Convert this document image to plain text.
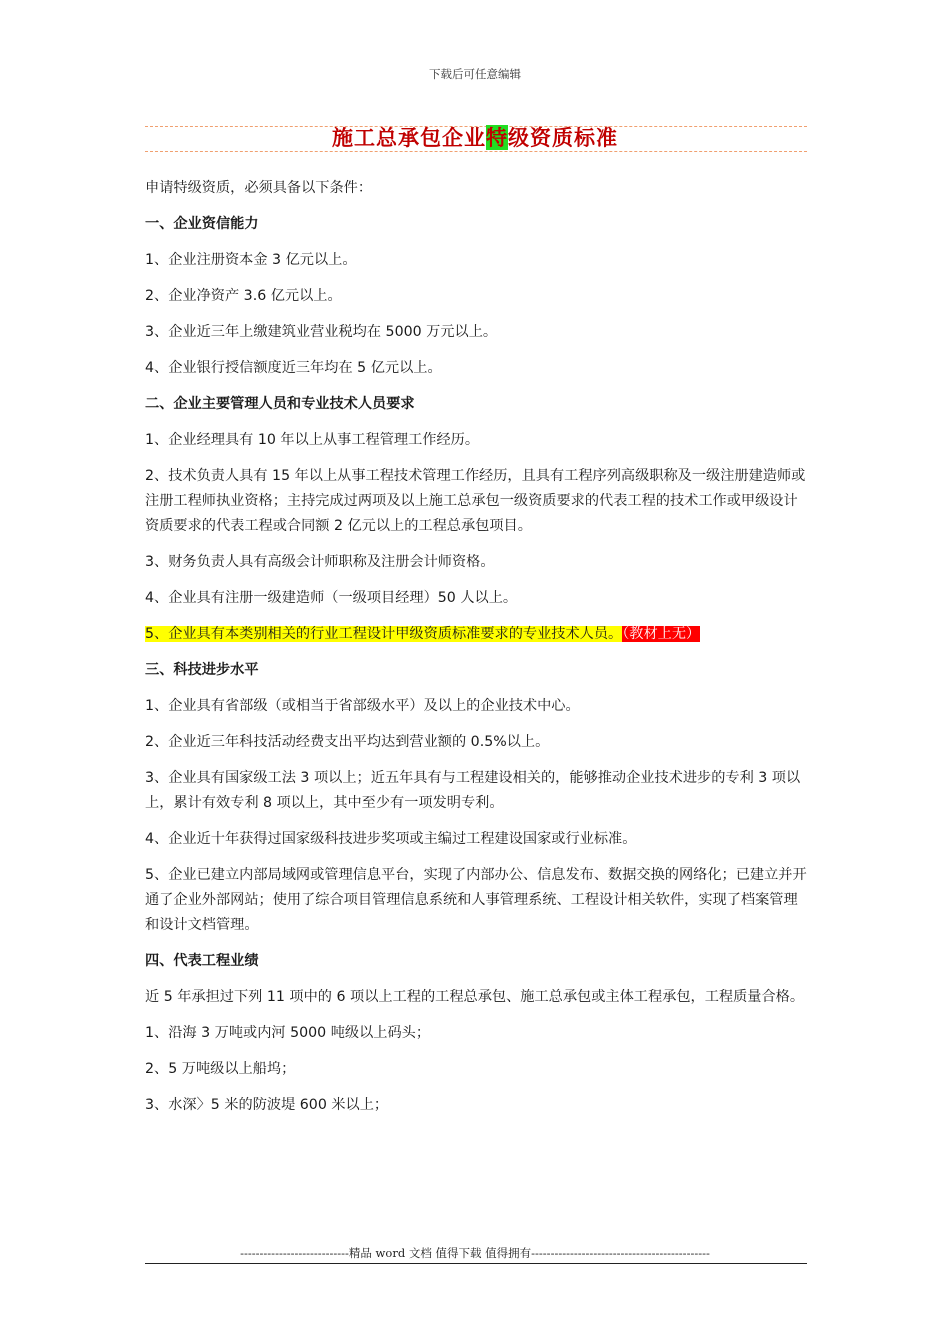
下载后可任意编辑
施工总承包企业特级资质标准

申请特级资质，必须具备以下条件：

一、企业资信能力

1、企业注册资本金 3 亿元以上。

2、企业净资产 3.6 亿元以上。

3、企业近三年上缴建筑业营业税均在 5000 万元以上。

4、企业银行授信额度近三年均在 5 亿元以上。

二、企业主要管理人员和专业技术人员要求

1、企业经理具有 10 年以上从事工程管理工作经历。

2、技术负责人具有 15 年以上从事工程技术管理工作经历，且具有工程序列高级职称及一级注册建造师或注册工程师执业资格；主持完成过两项及以上施工总承包一级资质要求的代表工程的技术工作或甲级设计资质要求的代表工程或合同额 2 亿元以上的工程总承包项目。

3、财务负责人具有高级会计师职称及注册会计师资格。

4、企业具有注册一级建造师（一级项目经理）50 人以上。

5、企业具有本类别相关的行业工程设计甲级资质标准要求的专业技术人员。（教材上无）

三、科技进步水平

1、企业具有省部级（或相当于省部级水平）及以上的企业技术中心。

2、企业近三年科技活动经费支出平均达到营业额的 0.5%以上。

3、企业具有国家级工法 3 项以上；近五年具有与工程建设相关的，能够推动企业技术进步的专利 3 项以上，累计有效专利 8 项以上，其中至少有一项发明专利。

4、企业近十年获得过国家级科技进步奖项或主编过工程建设国家或行业标准。

5、企业已建立内部局域网或管理信息平台，实现了内部办公、信息发布、数据交换的网络化；已建立并开通了企业外部网站；使用了综合项目管理信息系统和人事管理系统、工程设计相关软件，实现了档案管理和设计文档管理。

四、代表工程业绩

近 5 年承担过下列 11 项中的 6 项以上工程的工程总承包、施工总承包或主体工程承包，工程质量合格。

1、沿海 3 万吨或内河 5000 吨级以上码头；

2、5 万吨级以上船坞；

3、水深〉5 米的防波堤 600 米以上；

----------------------------精品 word 文档 值得下载 值得拥有----------------------------------------------
